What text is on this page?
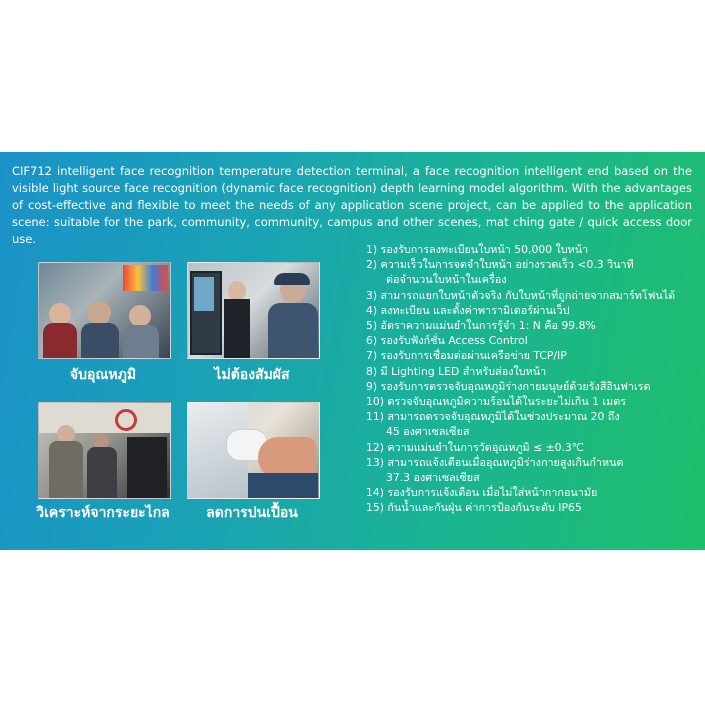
CIF712 intelligent face recognition temperature detection terminal, a face recognition intelligent end based on the visible light source face recognition (dynamic face recognition) depth learning model algorithm. With the advantages of cost-effective and flexible to meet the needs of any application scene project, can be applied to the application scene: suitable for the park, community, community, campus and other scenes, mat ching gate / quick access door use.

จับอุณหภูมิ	ไม่ต้องสัมผัส
วิเคราะห์จากระยะไกล	ลดการปนเปื้อน
1) รองรับการลงทะเบียนใบหน้า 50,000 ใบหน้า
2) ความเร็วในการจดจำใบหน้า อย่างรวดเร็ว <0.3 วินาที
ต่อจำนวนใบหน้าในเครื่อง
3) สามารถแยกใบหน้าตัวจริง กับใบหน้าที่ถูกถ่ายจากสมาร์ทโฟนได้
4) ลงทะเบียน และตั้งค่าพารามิเตอร์ผ่านเว็ป
5) อัตราความแม่นยำในการรู้จำ 1: N คือ 99.8%
6) รองรับฟังก์ชั่น Access Control
7) รองรับการเชื่อมต่อผ่านเครือข่าย TCP/IP
8) มี Lighting LED สำหรับส่องใบหน้า
9) รองรับการตรวจจับอุณหภูมิร่างกายมนุษย์ด้วยรังสีอินฟาเรด
10) ตรวจจับอุณหภูมิความร้อนได้ในระยะไม่เกิน 1 เมตร
11) สามารถตรวจจับอุณหภูมิได้ในช่วงประมาณ 20 ถึง
45 องศาเซลเซียส
12) ความแม่นยำในการวัดอุณหภูมิ ≤ ±0.3℃
13) สามารถแจ้งเตือนเมื่ออุณหภูมิร่างกายสูงเกินกำหนด
37.3 องศาเซลเซียส
14) รองรับการแจ้งเตือน เมื่อไม่ใส่หน้ากากอนามัย
15) กันน้ำและกันฝุ่น ค่าการป้องกันระดับ IP65
